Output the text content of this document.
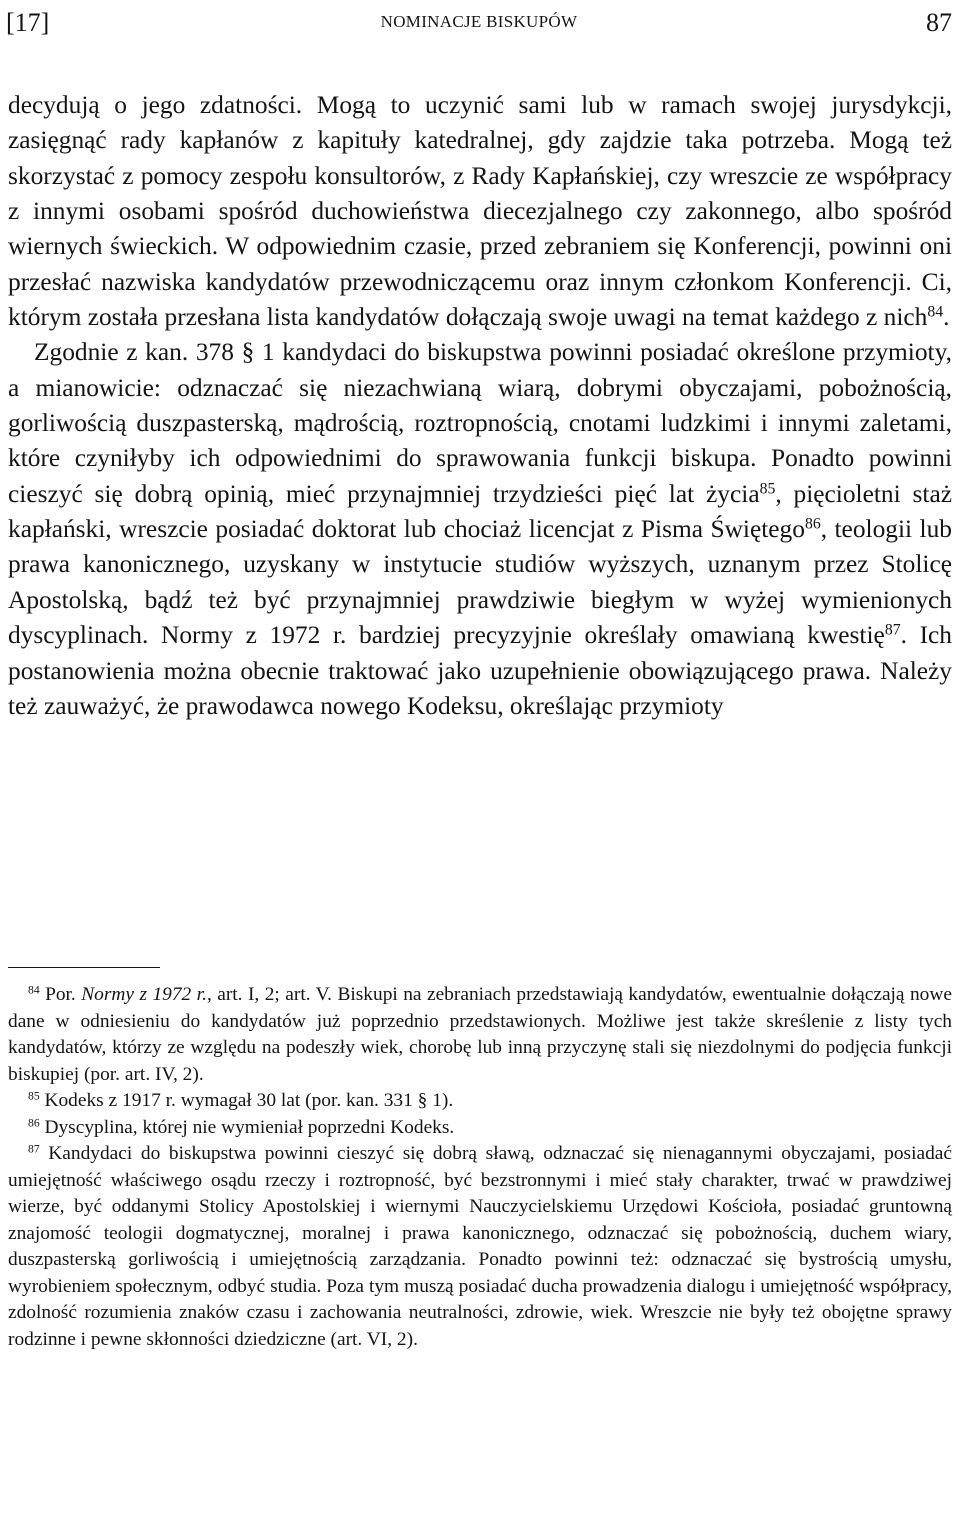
[17]	NOMINACJE BISKUPÓW	87

decydują o jego zdatności. Mogą to uczynić sami lub w ramach swojej jurysdykcji, zasięgnąć rady kapłanów z kapituły katedralnej, gdy zajdzie taka potrzeba. Mogą też skorzystać z pomocy zespołu konsultorów, z Rady Kapłańskiej, czy wreszcie ze współpracy z innymi osobami spośród duchowieństwa diecezjalnego czy zakonnego, albo spośród wiernych świeckich. W odpowiednim czasie, przed zebraniem się Konferencji, powinni oni przesłać nazwiska kandydatów przewodniczącemu oraz innym członkom Konferencji. Ci, którym została przesłana lista kandydatów dołączają swoje uwagi na temat każdego z nich$^{84}$.

Zgodnie z kan. 378 § 1 kandydaci do biskupstwa powinni posiadać określone przymioty, a mianowicie: odznaczać się niezachwianą wiarą, dobrymi obyczajami, pobożnością, gorliwością duszpasterską, mądrością, roztropnością, cnotami ludzkimi i innymi zaletami, które czyniłyby ich odpowiednimi do sprawowania funkcji biskupa. Ponadto powinni cieszyć się dobrą opinią, mieć przynajmniej trzydzieści pięć lat życia$^{85}$, pięcioletni staż kapłański, wreszcie posiadać doktorat lub chociaż licencjat z Pisma Świętego$^{86}$, teologii lub prawa kanonicznego, uzyskany w instytucie studiów wyższych, uznanym przez Stolicę Apostolską, bądź też być przynajmniej prawdziwie biegłym w wyżej wymienionych dyscyplinach. Normy z 1972 r. bardziej precyzyjnie określały omawianą kwestię$^{87}$. Ich postanowienia można obecnie traktować jako uzupełnienie obowiązującego prawa. Należy też zauważyć, że prawodawca nowego Kodeksu, określając przymioty

$^{84}$ Por. Normy z 1972 r., art. I, 2; art. V. Biskupi na zebraniach przedstawiają kandydatów, ewentualnie dołączają nowe dane w odniesieniu do kandydatów już poprzednio przedstawionych. Możliwe jest także skreślenie z listy tych kandydatów, którzy ze względu na podeszły wiek, chorobę lub inną przyczynę stali się niezdolnymi do podjęcia funkcji biskupiej (por. art. IV, 2).

$^{85}$ Kodeks z 1917 r. wymagał 30 lat (por. kan. 331 § 1).

$^{86}$ Dyscyplina, której nie wymieniał poprzedni Kodeks.

$^{87}$ Kandydaci do biskupstwa powinni cieszyć się dobrą sławą, odznaczać się nienagannymi obyczajami, posiadać umiejętność właściwego osądu rzeczy i roztropność, być bezstronnymi i mieć stały charakter, trwać w prawdziwej wierze, być oddanymi Stolicy Apostolskiej i wiernymi Nauczycielskiemu Urzędowi Kościoła, posiadać gruntowną znajomość teologii dogmatycznej, moralnej i prawa kanonicznego, odznaczać się pobożnością, duchem wiary, duszpasterską gorliwością i umiejętnością zarządzania. Ponadto powinni też: odznaczać się bystrością umysłu, wyrobieniem społecznym, odbyć studia. Poza tym muszą posiadać ducha prowadzenia dialogu i umiejętność współpracy, zdolność rozumienia znaków czasu i zachowania neutralności, zdrowie, wiek. Wreszcie nie były też obojętne sprawy rodzinne i pewne skłonności dziedziczne (art. VI, 2).
